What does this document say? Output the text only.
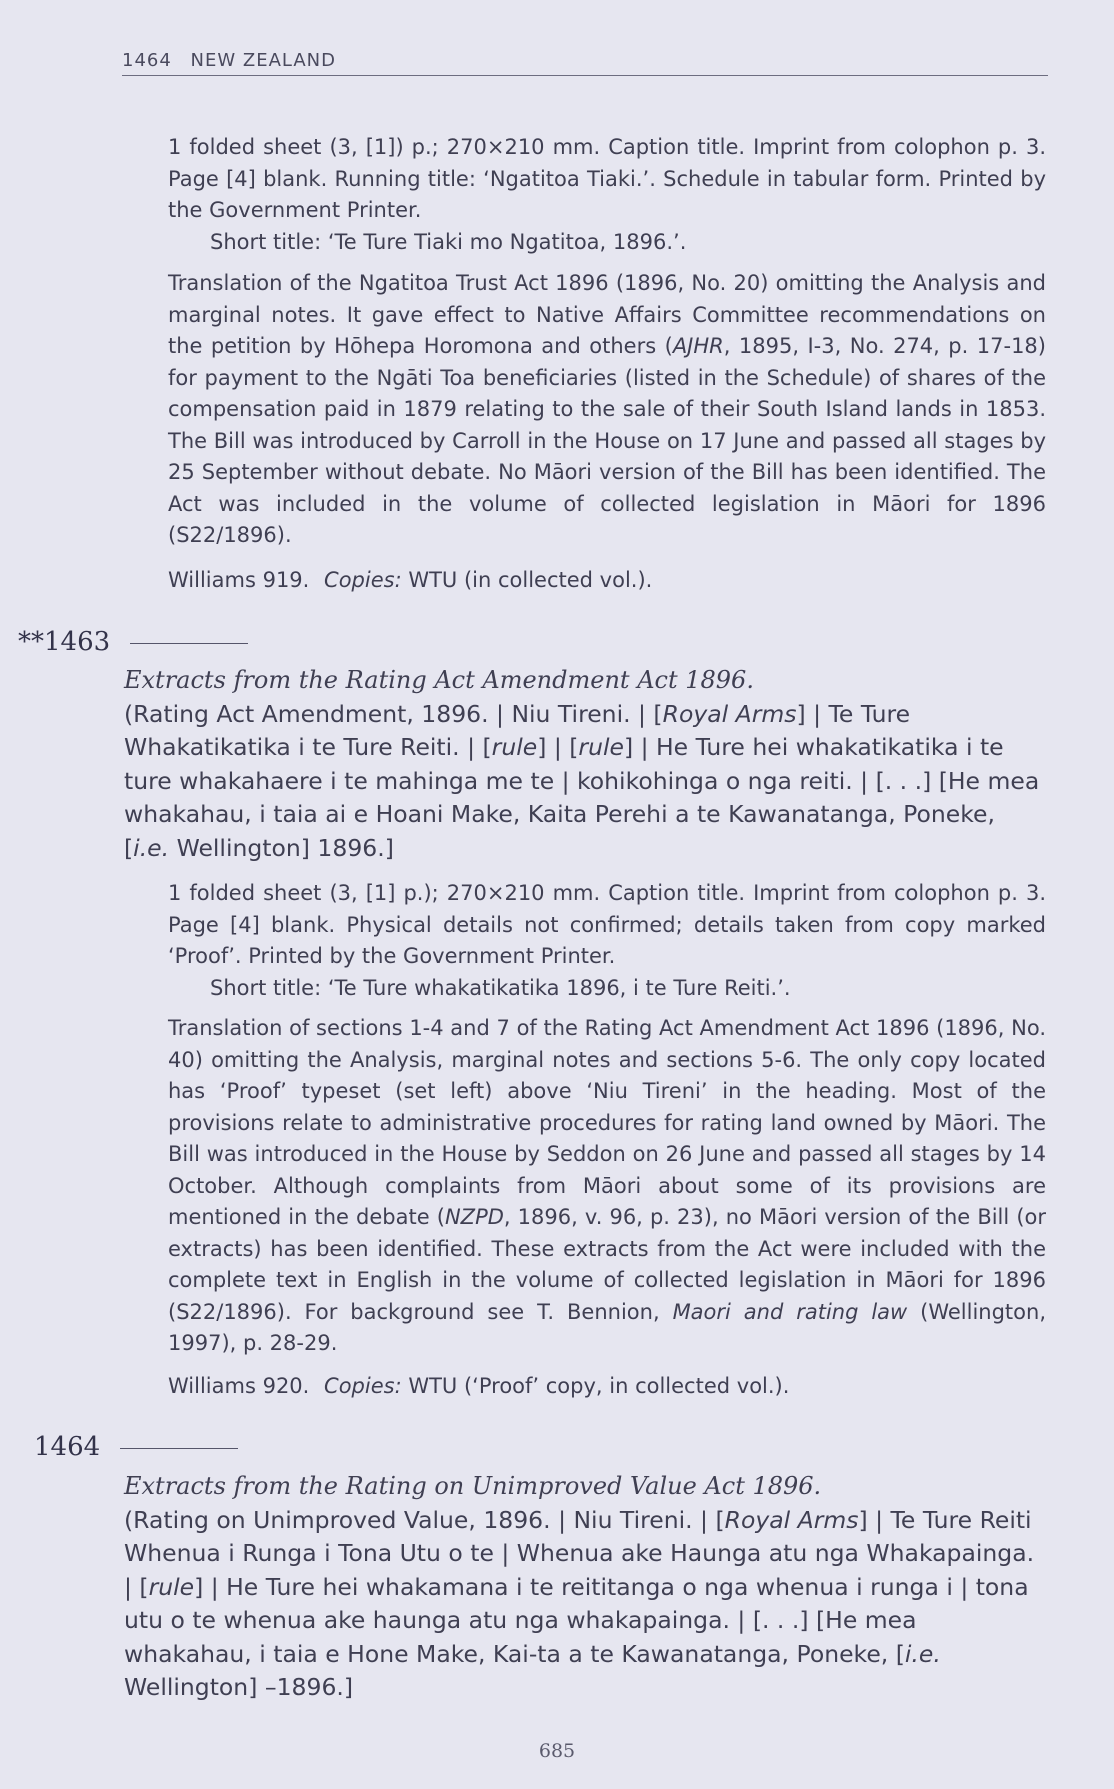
1464 NEW ZEALAND

1 folded sheet (3, [1]) p.; 270×210 mm. Caption title. Imprint from colophon p. 3. Page [4] blank. Running title: ‘Ngatitoa Tiaki.’. Schedule in tabular form. Printed by the Government Printer.

Short title: ‘Te Ture Tiaki mo Ngatitoa, 1896.’.

Translation of the Ngatitoa Trust Act 1896 (1896, No. 20) omitting the Analysis and marginal notes. It gave effect to Native Affairs Committee recommendations on the petition by Hōhepa Horomona and others (AJHR, 1895, I-3, No. 274, p. 17-18) for payment to the Ngāti Toa beneficiaries (listed in the Schedule) of shares of the compensation paid in 1879 relating to the sale of their South Island lands in 1853. The Bill was introduced by Carroll in the House on 17 June and passed all stages by 25 September without debate. No Māori version of the Bill has been identified. The Act was included in the volume of collected legislation in Māori for 1896 (S22/1896).
Williams 919. Copies: WTU (in collected vol.).
**1463

Extracts from the Rating Act Amendment Act 1896.

(Rating Act Amendment, 1896. | Niu Tireni. | [Royal Arms] | Te Ture Whakatikatika i te Ture Reiti. | [rule] | [rule] | He Ture hei whakatikatika i te ture whakahaere i te mahinga me te | kohikohinga o nga reiti. | [. . .] [He mea whakahau, i taia ai e Hoani Make, Kaita Perehi a te Kawanatanga, Poneke, [i.e. Wellington] 1896.]

1 folded sheet (3, [1] p.); 270×210 mm. Caption title. Imprint from colophon p. 3. Page [4] blank. Physical details not confirmed; details taken from copy marked ‘Proof’. Printed by the Government Printer.

Short title: ‘Te Ture whakatikatika 1896, i te Ture Reiti.’.

Translation of sections 1-4 and 7 of the Rating Act Amendment Act 1896 (1896, No. 40) omitting the Analysis, marginal notes and sections 5-6. The only copy located has ‘Proof’ typeset (set left) above ‘Niu Tireni’ in the heading. Most of the provisions relate to administrative procedures for rating land owned by Māori. The Bill was introduced in the House by Seddon on 26 June and passed all stages by 14 October. Although complaints from Māori about some of its provisions are mentioned in the debate (NZPD, 1896, v. 96, p. 23), no Māori version of the Bill (or extracts) has been identified. These extracts from the Act were included with the complete text in English in the volume of collected legislation in Māori for 1896 (S22/1896). For background see T. Bennion, Maori and rating law (Wellington, 1997), p. 28-29.
Williams 920. Copies: WTU (‘Proof’ copy, in collected vol.).
1464

Extracts from the Rating on Unimproved Value Act 1896.

(Rating on Unimproved Value, 1896. | Niu Tireni. | [Royal Arms] | Te Ture Reiti Whenua i Runga i Tona Utu o te | Whenua ake Haunga atu nga Whakapainga. | [rule] | He Ture hei whakamana i te reititanga o nga whenua i runga i | tona utu o te whenua ake haunga atu nga whakapainga. | [. . .] [He mea whakahau, i taia e Hone Make, Kai-ta a te Kawanatanga, Poneke, [i.e. Wellington] –1896.]

685
